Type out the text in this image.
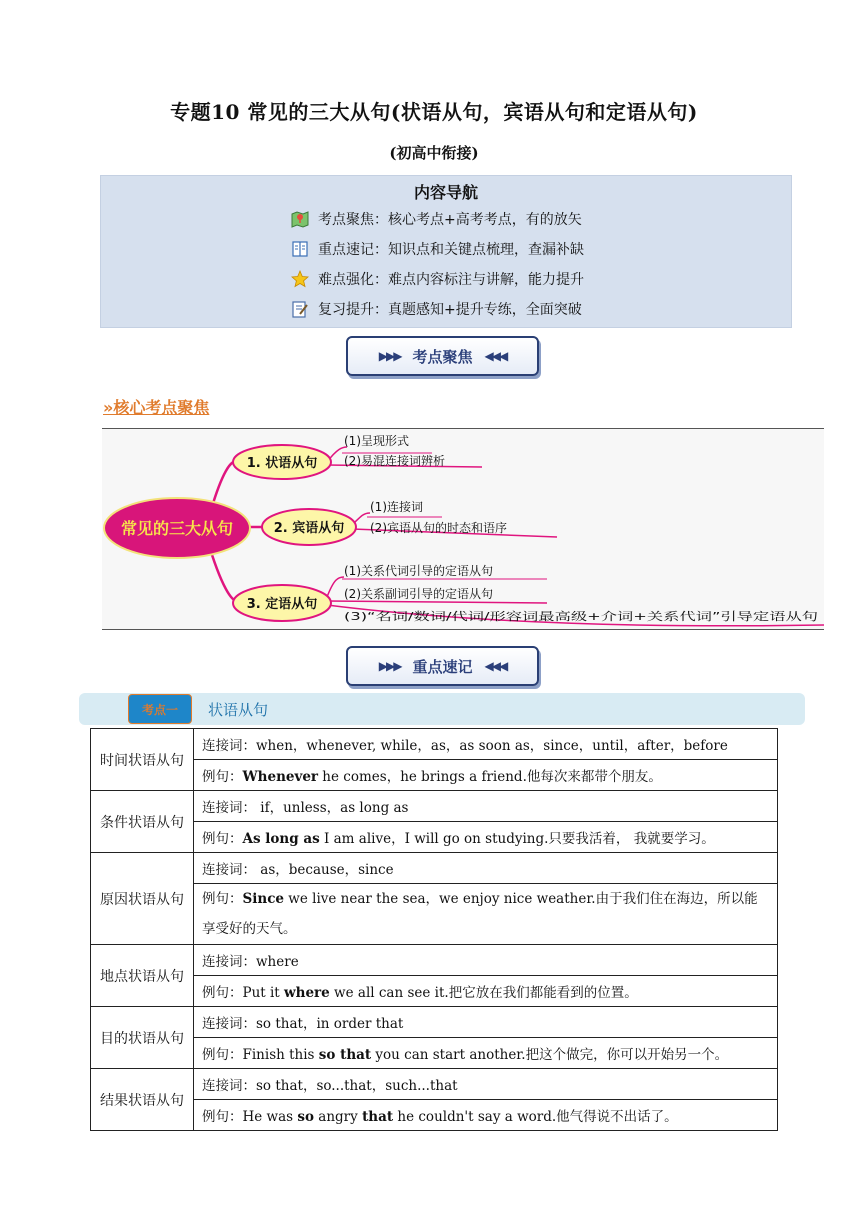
专题10 常见的三大从句(状语从句，宾语从句和定语从句)
(初高中衔接)
内容导航
考点聚焦：核心考点+高考考点，有的放矢
重点速记：知识点和关键点梳理，查漏补缺
难点强化：难点内容标注与讲解，能力提升
复习提升：真题感知+提升专练，全面突破
▶▶▶ 考点聚焦 ◀◀◀
»核心考点聚焦
常见的三大从句
1. 状语从句
2. 宾语从句
3. 定语从句
(1)呈现形式
(2)易混连接词辨析
(1)连接词
(2)宾语从句的时态和语序
(1)关系代词引导的定语从句
(2)关系副词引导的定语从句
(3)“名词/数词/代词/形容词最高级+介词+关系代词”引导定语从句
▶▶▶ 重点速记 ◀◀◀
考点一	状语从句
时间状语从句	连接词：when，whenever, while，as，as soon as，since，until，after，before
	例句：Whenever he comes，he brings a friend.他每次来都带个朋友。
条件状语从句	连接词： if，unless，as long as
	例句：As long as I am alive，I will go on studying.只要我活着， 我就要学习。
原因状语从句	连接词： as，because，since
	例句：Since we live near the sea，we enjoy nice weather.由于我们住在海边，所以能享受好的天气。
地点状语从句	连接词：where
	例句：Put it where we all can see it.把它放在我们都能看到的位置。
目的状语从句	连接词：so that，in order that
	例句：Finish this so that you can start another.把这个做完，你可以开始另一个。
结果状语从句	连接词：so that，so...that，such...that
	例句：He was so angry that he couldn't say a word.他气得说不出话了。
